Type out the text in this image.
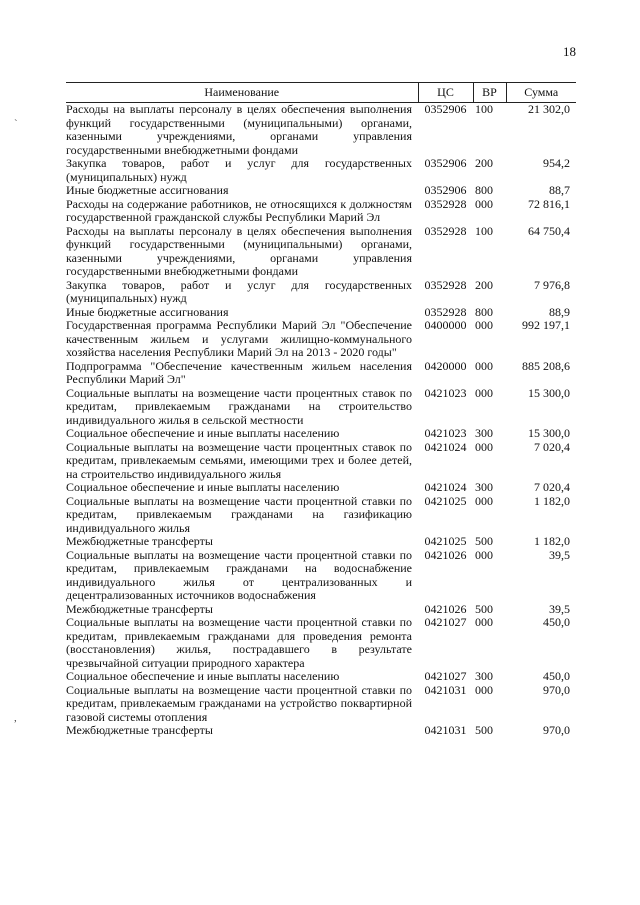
18
`
,
Наименование	ЦС	ВР	Сумма
Расходы на выплаты персоналу в целях обеспечения выполнения функций государственными (муниципальными) органами, казенными учреждениями, органами управления государственными внебюджетными фондами	0352906	100	21 302,0
Закупка товаров, работ и услуг для государственных (муниципальных) нужд	0352906	200	954,2
Иные бюджетные ассигнования	0352906	800	88,7
Расходы на содержание работников, не относящихся к должностям государственной гражданской службы Республики Марий Эл	0352928	000	72 816,1
Расходы на выплаты персоналу в целях обеспечения выполнения функций государственными (муниципальными) органами, казенными учреждениями, органами управления государственными внебюджетными фондами	0352928	100	64 750,4
Закупка товаров, работ и услуг для государственных (муниципальных) нужд	0352928	200	7 976,8
Иные бюджетные ассигнования	0352928	800	88,9
Государственная программа Республики Марий Эл "Обеспечение качественным жильем и услугами жилищно-коммунального хозяйства населения Республики Марий Эл на 2013 - 2020 годы"	0400000	000	992 197,1
Подпрограмма "Обеспечение качественным жильем населения Республики Марий Эл"	0420000	000	885 208,6
Социальные выплаты на возмещение части процентных ставок по кредитам, привлекаемым гражданами на строительство индивидуального жилья в сельской местности	0421023	000	15 300,0
Социальное обеспечение и иные выплаты населению	0421023	300	15 300,0
Социальные выплаты на возмещение части процентных ставок по кредитам, привлекаемым семьями, имеющими трех и более детей, на строительство индивидуального жилья	0421024	000	7 020,4
Социальное обеспечение и иные выплаты населению	0421024	300	7 020,4
Социальные выплаты на возмещение части процентной ставки по кредитам, привлекаемым гражданами на газификацию индивидуального жилья	0421025	000	1 182,0
Межбюджетные трансферты	0421025	500	1 182,0
Социальные выплаты на возмещение части процентной ставки по кредитам, привлекаемым гражданами на водоснабжение индивидуального жилья от централизованных и децентрализованных источников водоснабжения	0421026	000	39,5
Межбюджетные трансферты	0421026	500	39,5
Социальные выплаты на возмещение части процентной ставки по кредитам, привлекаемым гражданами для проведения ремонта (восстановления) жилья, пострадавшего в результате чрезвычайной ситуации природного характера	0421027	000	450,0
Социальное обеспечение и иные выплаты населению	0421027	300	450,0
Социальные выплаты на возмещение части процентной ставки по кредитам, привлекаемым гражданами на устройство поквартирной газовой системы отопления	0421031	000	970,0
Межбюджетные трансферты	0421031	500	970,0
